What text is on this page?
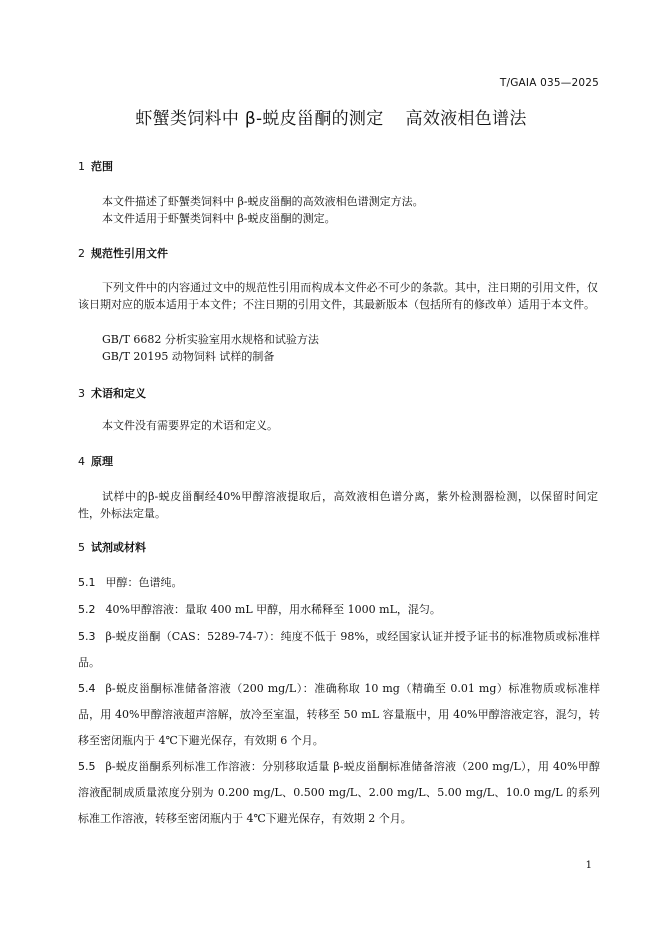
T/GAIA 035—2025
虾蟹类饲料中 β-蜕皮甾酮的测定 高效液相色谱法
1 范围
本文件描述了虾蟹类饲料中 β-蜕皮甾酮的高效液相色谱测定方法。
本文件适用于虾蟹类饲料中 β-蜕皮甾酮的测定。
2 规范性引用文件
下列文件中的内容通过文中的规范性引用而构成本文件必不可少的条款。其中，注日期的引用文件，仅该日期对应的版本适用于本文件；不注日期的引用文件，其最新版本（包括所有的修改单）适用于本文件。
GB/T 6682 分析实验室用水规格和试验方法
GB/T 20195 动物饲料 试样的制备
3 术语和定义
本文件没有需要界定的术语和定义。
4 原理
试样中的β-蜕皮甾酮经40%甲醇溶液提取后，高效液相色谱分离，紫外检测器检测，以保留时间定性，外标法定量。
5 试剂或材料
5.1 甲醇：色谱纯。
5.2 40%甲醇溶液：量取 400 mL 甲醇，用水稀释至 1000 mL，混匀。
5.3 β-蜕皮甾酮（CAS：5289-74-7）：纯度不低于 98%，或经国家认证并授予证书的标准物质或标准样品。
5.4 β-蜕皮甾酮标准储备溶液（200 mg/L）：准确称取 10 mg（精确至 0.01 mg）标准物质或标准样品，用 40%甲醇溶液超声溶解，放冷至室温，转移至 50 mL 容量瓶中，用 40%甲醇溶液定容，混匀，转移至密闭瓶内于 4℃下避光保存，有效期 6 个月。
5.5 β-蜕皮甾酮系列标准工作溶液：分别移取适量 β-蜕皮甾酮标准储备溶液（200 mg/L），用 40%甲醇溶液配制成质量浓度分别为 0.200 mg/L、0.500 mg/L、2.00 mg/L、5.00 mg/L、10.0 mg/L 的系列标准工作溶液，转移至密闭瓶内于 4℃下避光保存，有效期 2 个月。
1
